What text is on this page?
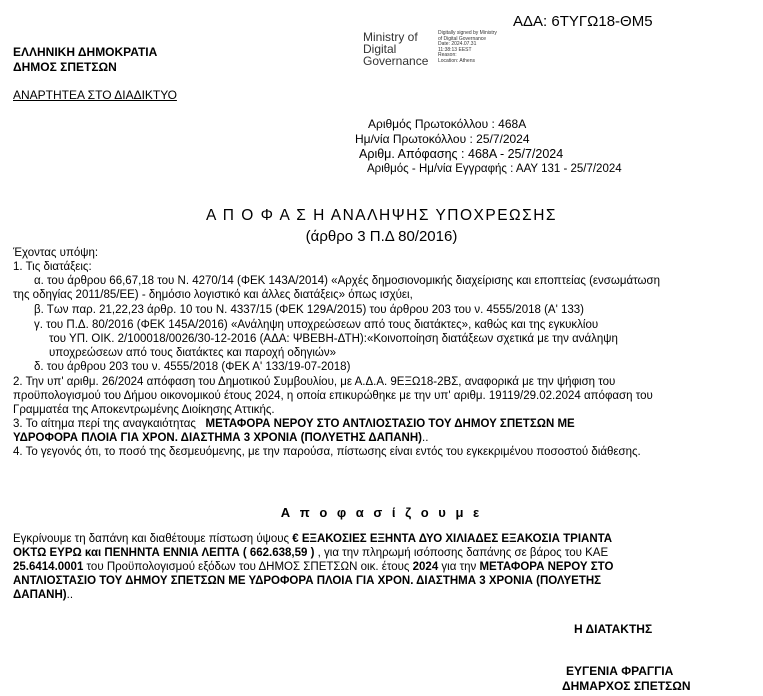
ΑΔΑ: 6ΤΥΓΩ18-ΘΜ5
Ministry of
Digital
Governance
Digitally signed by Ministry
of Digital Governance
Date: 2024.07.31
11:38:13 EEST
Reason:
Location: Athens
ΕΛΛΗΝΙΚΗ ΔΗΜΟΚΡΑΤΙΑ
ΔΗΜΟΣ ΣΠΕΤΣΩΝ
ΑΝΑΡΤΗΤΕΑ ΣΤΟ ΔΙΑΔΙΚΤΥΟ
Αριθμός Πρωτοκόλλου : 468Α
Ημ/νία Πρωτοκόλλου : 25/7/2024
Αριθμ. Απόφασης : 468Α - 25/7/2024
Αριθμός - Ημ/νία Εγγραφής : ΑΑΥ 131 - 25/7/2024
Α Π Ο Φ Α Σ Η ΑΝΑΛΗΨΗΣ ΥΠΟΧΡΕΩΣΗΣ
(άρθρο 3 Π.Δ 80/2016)
Έχοντας υπόψη:
1. Τις διατάξεις:
α. του άρθρου 66,67,18 του Ν. 4270/14 (ΦΕΚ 143Α/2014) «Αρχές δημοσιονομικής διαχείρισης και εποπτείας (ενσωμάτωση
της οδηγίας 2011/85/ΕΕ) - δημόσιο λογιστικό και άλλες διατάξεις» όπως ισχύει,
β. Των παρ. 21,22,23 άρθρ. 10 του Ν. 4337/15 (ΦΕΚ 129Α/2015) του άρθρου 203 του ν. 4555/2018 (Α' 133)
γ. του Π.Δ. 80/2016 (ΦΕΚ 145Α/2016) «Ανάληψη υποχρεώσεων από τους διατάκτες», καθώς και της εγκυκλίου
του ΥΠ. ΟΙΚ. 2/100018/0026/30-12-2016 (ΑΔΑ: ΨΒΕΒΗ-ΔΤΗ):«Κοινοποίηση διατάξεων σχετικά με την ανάληψη
υποχρεώσεων από τους διατάκτες και παροχή οδηγιών»
δ. του άρθρου 203 του ν. 4555/2018 (ΦΕΚ Α' 133/19-07-2018)
2. Την υπ' αριθμ. 26/2024 απόφαση του Δημοτικού Συμβουλίου, με Α.Δ.Α. 9ΕΞΩ18-2ΒΣ, αναφορικά με την ψήφιση του
προϋπολογισμού του Δήμου οικονομικού έτους 2024, η οποία επικυρώθηκε με την υπ' αριθμ. 19119/29.02.2024 απόφαση του
Γραμματέα της Αποκεντρωμένης Διοίκησης Αττικής.
3. Το αίτημα περί της αναγκαιότητας ΜΕΤΑΦΟΡΑ ΝΕΡΟΥ ΣΤΟ ΑΝΤΛΙΟΣΤΑΣΙΟ ΤΟΥ ΔΗΜΟΥ ΣΠΕΤΣΩΝ ΜΕ
ΥΔΡΟΦΟΡΑ ΠΛΟΙΑ ΓΙΑ ΧΡΟΝ. ΔΙΑΣΤΗΜΑ 3 ΧΡΟΝΙΑ (ΠΟΛΥΕΤΗΣ ΔΑΠΑΝΗ)..
4. Το γεγονός ότι, το ποσό της δεσμευόμενης, με την παρούσα, πίστωσης είναι εντός του εγκεκριμένου ποσοστού διάθεσης.
Α π ο φ α σ ί ζ ο υ μ ε
Εγκρίνουμε τη δαπάνη και διαθέτουμε πίστωση ύψους € ΕΞΑΚΟΣΙΕΣ ΕΞΗΝΤΑ ΔΥΟ ΧΙΛΙΑΔΕΣ ΕΞΑΚΟΣΙΑ ΤΡΙΑΝΤΑ
ΟΚΤΩ ΕΥΡΩ και ΠΕΝΗΝΤΑ ΕΝΝΙΑ ΛΕΠΤΑ ( 662.638,59 ) , για την πληρωμή ισόποσης δαπάνης σε βάρος του ΚΑΕ
25.6414.0001 του Προϋπολογισμού εξόδων του ΔΗΜΟΣ ΣΠΕΤΣΩΝ οικ. έτους 2024 για την ΜΕΤΑΦΟΡΑ ΝΕΡΟΥ ΣΤΟ
ΑΝΤΛΙΟΣΤΑΣΙΟ ΤΟΥ ΔΗΜΟΥ ΣΠΕΤΣΩΝ ΜΕ ΥΔΡΟΦΟΡΑ ΠΛΟΙΑ ΓΙΑ ΧΡΟΝ. ΔΙΑΣΤΗΜΑ 3 ΧΡΟΝΙΑ (ΠΟΛΥΕΤΗΣ
ΔΑΠΑΝΗ)..
Η ΔΙΑΤΑΚΤΗΣ
ΕΥΓΕΝΙΑ ΦΡΑΓΓΙΑ
ΔΗΜΑΡΧΟΣ ΣΠΕΤΣΩΝ
